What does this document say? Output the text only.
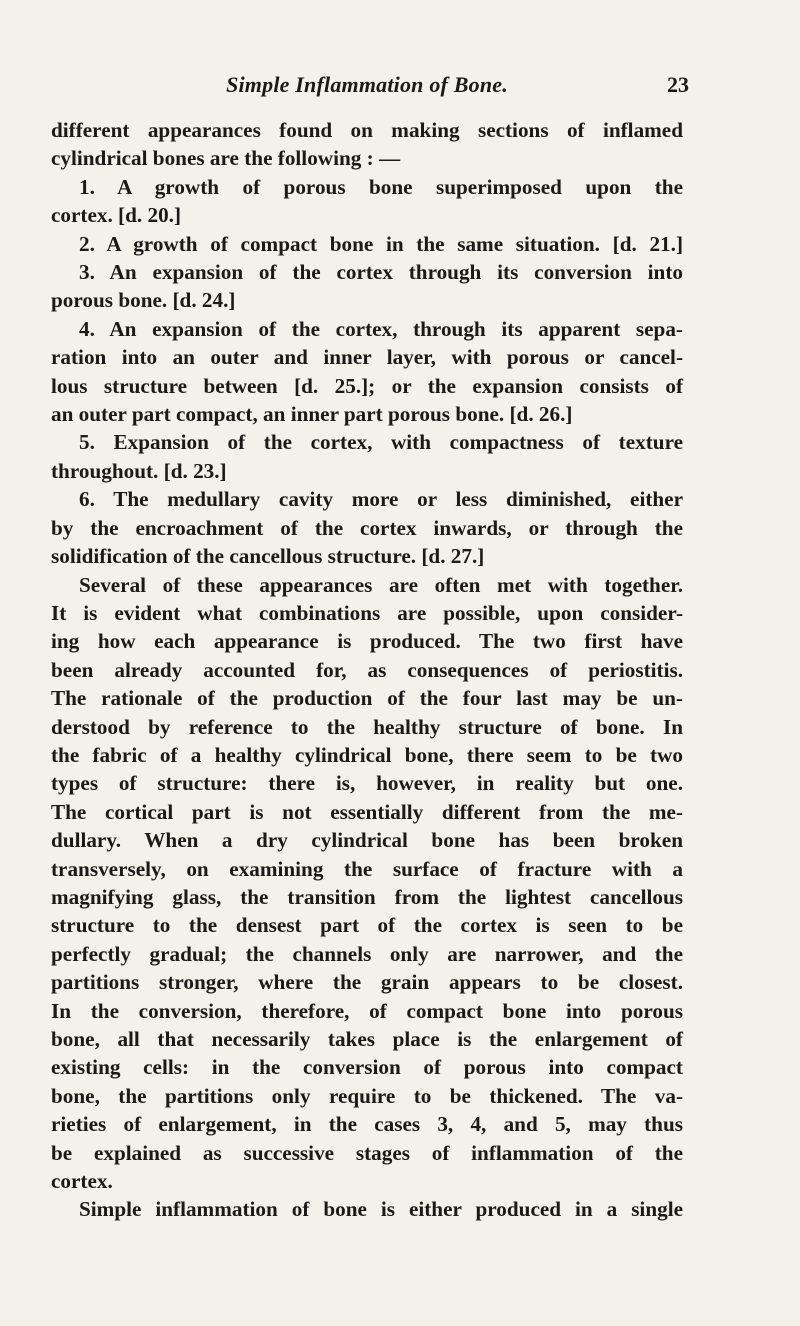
Simple Inflammation of Bone.	23

different appearances found on making sections of inflamed
cylindrical bones are the following : —

1. A growth of porous bone superimposed upon the
cortex. [d. 20.]

2. A growth of compact bone in the same situation. [d. 21.]

3. An expansion of the cortex through its conversion into
porous bone. [d. 24.]

4. An expansion of the cortex, through its apparent sepa-
ration into an outer and inner layer, with porous or cancel-
lous structure between [d. 25.]; or the expansion consists of
an outer part compact, an inner part porous bone. [d. 26.]

5. Expansion of the cortex, with compactness of texture
throughout. [d. 23.]

6. The medullary cavity more or less diminished, either
by the encroachment of the cortex inwards, or through the
solidification of the cancellous structure. [d. 27.]

Several of these appearances are often met with together.
It is evident what combinations are possible, upon consider-
ing how each appearance is produced. The two first have
been already accounted for, as consequences of periostitis.
The rationale of the production of the four last may be un-
derstood by reference to the healthy structure of bone. In
the fabric of a healthy cylindrical bone, there seem to be two
types of structure: there is, however, in reality but one.
The cortical part is not essentially different from the me-
dullary. When a dry cylindrical bone has been broken
transversely, on examining the surface of fracture with a
magnifying glass, the transition from the lightest cancellous
structure to the densest part of the cortex is seen to be
perfectly gradual; the channels only are narrower, and the
partitions stronger, where the grain appears to be closest.
In the conversion, therefore, of compact bone into porous
bone, all that necessarily takes place is the enlargement of
existing cells: in the conversion of porous into compact
bone, the partitions only require to be thickened. The va-
rieties of enlargement, in the cases 3, 4, and 5, may thus
be explained as successive stages of inflammation of the
cortex.

Simple inflammation of bone is either produced in a single
